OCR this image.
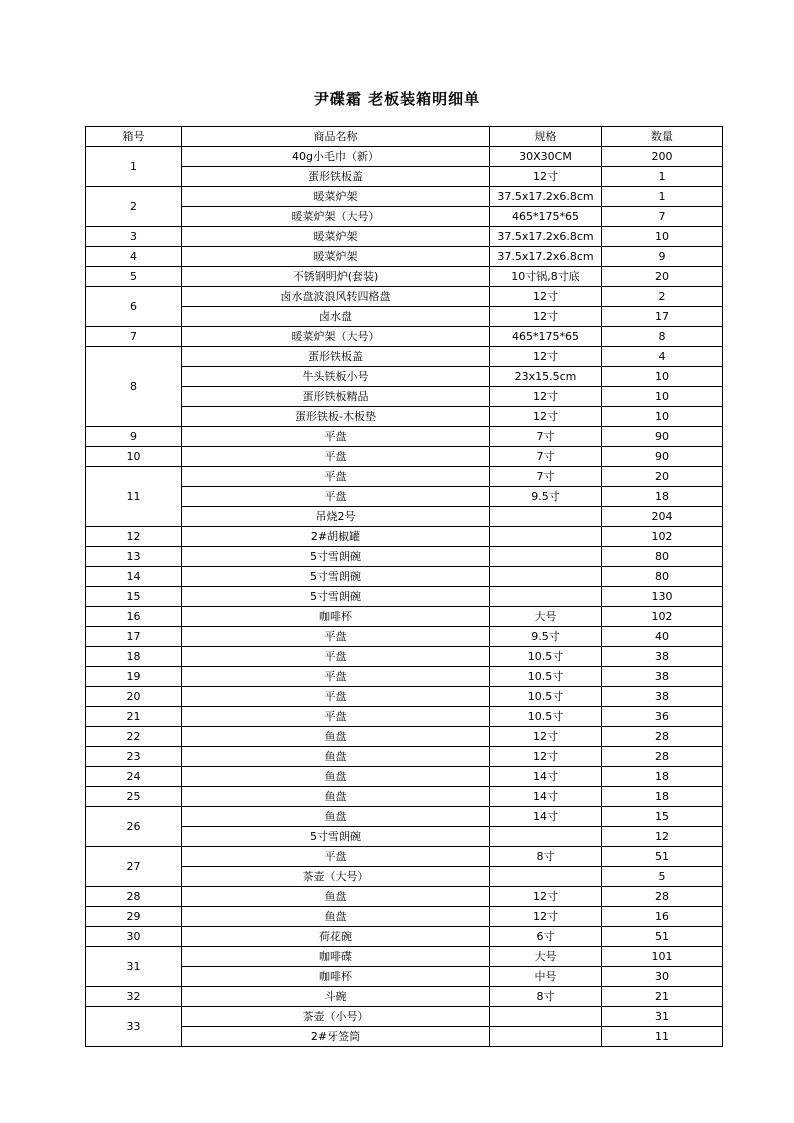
尹碟霜 老板装箱明细单
箱号	商品名称	规格	数量
1	40g小毛巾（新）	30X30CM	200
	蛋形铁板盖	12寸	1
2	暖菜炉架	37.5x17.2x6.8cm	1
	暖菜炉架（大号）	465*175*65	7
3	暖菜炉架	37.5x17.2x6.8cm	10
4	暖菜炉架	37.5x17.2x6.8cm	9
5	不锈钢明炉(套装)	10寸锅,8寸底	20
6	卤水盘波浪风转四格盘	12寸	2
	卤水盘	12寸	17
7	暖菜炉架（大号）	465*175*65	8
8	蛋形铁板盖	12寸	4
	牛头铁板小号	23x15.5cm	10
	蛋形铁板精品	12寸	10
	蛋形铁板-木板垫	12寸	10
9	平盘	7寸	90
10	平盘	7寸	90
11	平盘	7寸	20
	平盘	9.5寸	18
	吊烧2号		204
12	2#胡椒罐		102
13	5寸雪朗碗		80
14	5寸雪朗碗		80
15	5寸雪朗碗		130
16	咖啡杯	大号	102
17	平盘	9.5寸	40
18	平盘	10.5寸	38
19	平盘	10.5寸	38
20	平盘	10.5寸	38
21	平盘	10.5寸	36
22	鱼盘	12寸	28
23	鱼盘	12寸	28
24	鱼盘	14寸	18
25	鱼盘	14寸	18
26	鱼盘	14寸	15
	5寸雪朗碗		12
27	平盘	8寸	51
	茶壶（大号）		5
28	鱼盘	12寸	28
29	鱼盘	12寸	16
30	荷花碗	6寸	51
31	咖啡碟	大号	101
	咖啡杯	中号	30
32	斗碗	8寸	21
33	茶壶（小号）		31
	2#牙签筒		11
